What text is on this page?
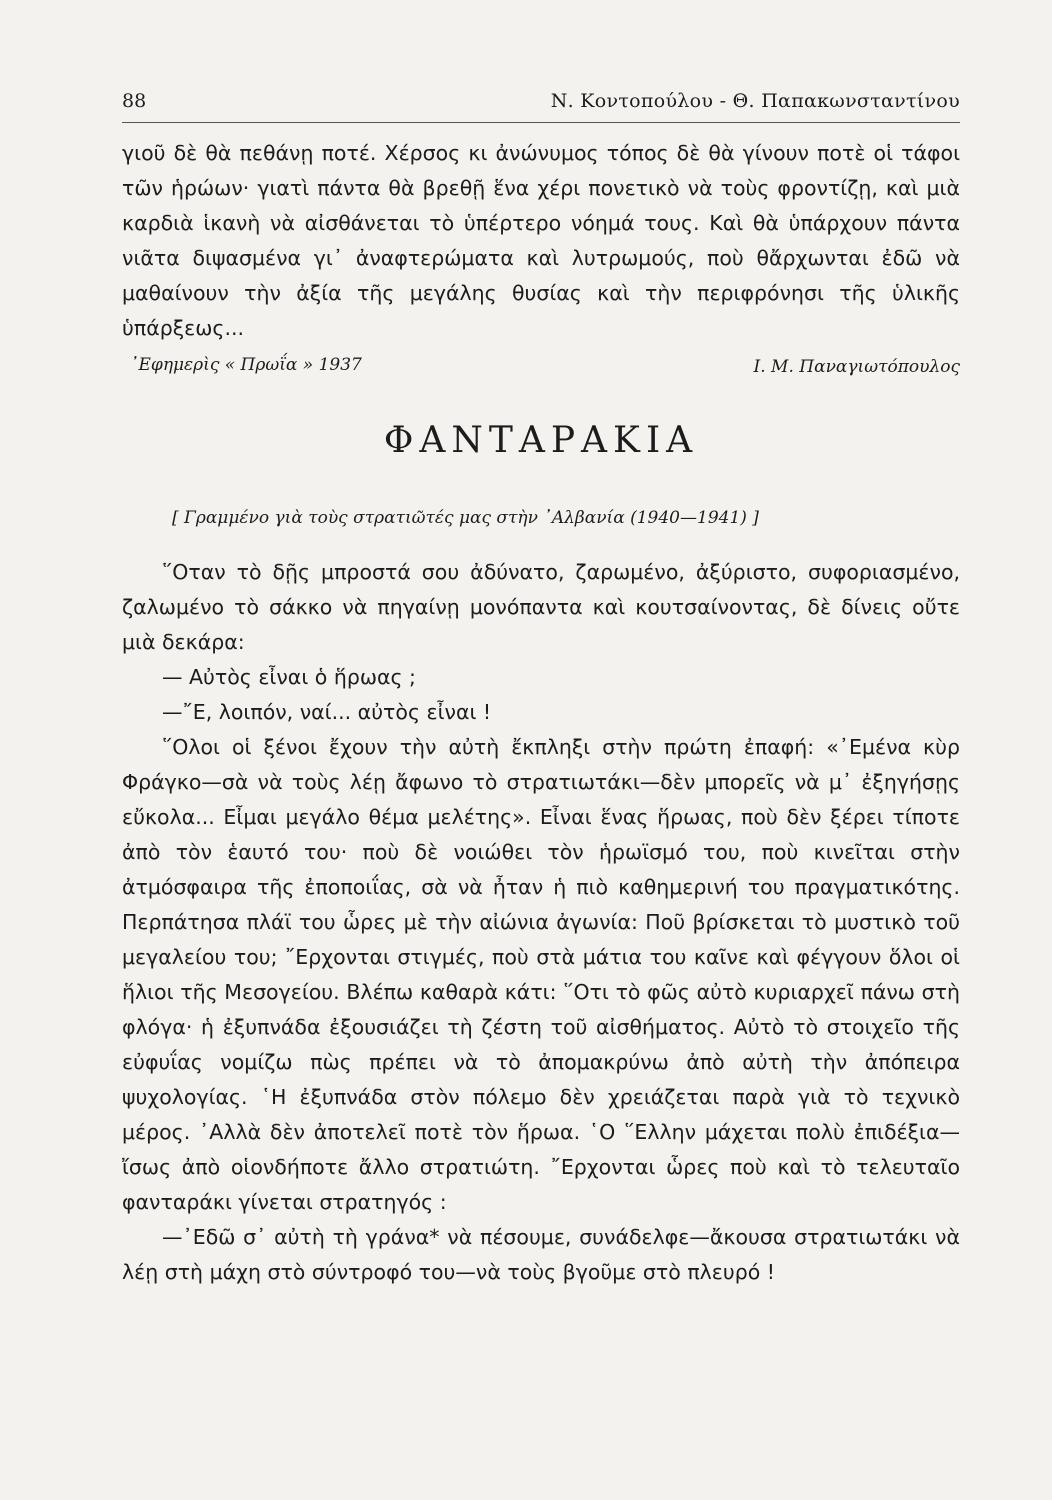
88	Ν. Κοντοπούλου - Θ. Παπακωνσταντίνου

γιοῦ δὲ θὰ πεθάνῃ ποτέ. Χέρσος κι ἀνώνυμος τόπος δὲ θὰ γίνουν ποτὲ οἱ τάφοι τῶν ἡρώων· γιατὶ πάντα θὰ βρεθῇ ἕνα χέρι πονετικὸ νὰ τοὺς φροντίζῃ, καὶ μιὰ καρδιὰ ἱκανὴ νὰ αἰσθάνεται τὸ ὑπέρτερο νόημά τους. Καὶ θὰ ὑπάρχουν πάντα νιᾶτα διψασμένα γι᾿ ἀναφτερώματα καὶ λυτρωμούς, ποὺ θἄρχωνται ἐδῶ νὰ μαθαίνουν τὴν ἀξία τῆς μεγάλης θυσίας καὶ τὴν περιφρόνησι τῆς ὑλικῆς ὑπάρξεως...

᾿Εφημερὶς « Πρωΐα » 1937	Ι. Μ. Παναγιωτόπουλος
ΦΑΝΤΑΡΑΚΙΑ
[ Γραμμένο γιὰ τοὺς στρατιῶτές μας στὴν ᾿Αλβανία (1940—1941) ]

῞Οταν τὸ δῇς μπροστά σου ἀδύνατο, ζαρωμένο, ἀξύριστο, συφοριασμένο, ζαλωμένο τὸ σάκκο νὰ πηγαίνῃ μονόπαντα καὶ κουτσαίνοντας, δὲ δίνεις οὔτε μιὰ δεκάρα:

— Αὐτὸς εἶναι ὁ ἥρωας ;

—῎Ε, λοιπόν, ναί... αὐτὸς εἶναι !

῞Ολοι οἱ ξένοι ἔχουν τὴν αὐτὴ ἔκπληξι στὴν πρώτη ἐπαφή: «᾿Εμένα κὺρ Φράγκο—σὰ νὰ τοὺς λέῃ ἄφωνο τὸ στρατιωτάκι—δὲν μπορεῖς νὰ μ᾿ ἐξηγήσῃς εὔκολα... Εἶμαι μεγάλο θέμα μελέτης». Εἶναι ἕνας ἥρωας, ποὺ δὲν ξέρει τίποτε ἀπὸ τὸν ἑαυτό του· ποὺ δὲ νοιώθει τὸν ἡρωϊσμό του, ποὺ κινεῖται στὴν ἀτμόσφαιρα τῆς ἐποποιΐας, σὰ νὰ ἦταν ἡ πιὸ καθημερινή του πραγματικότης. Περπάτησα πλάϊ του ὧρες μὲ τὴν αἰώνια ἀγωνία: Ποῦ βρίσκεται τὸ μυστικὸ τοῦ μεγαλείου του; ῎Ερχονται στιγμές, ποὺ στὰ μάτια του καῖνε καὶ φέγγουν ὅλοι οἱ ἥλιοι τῆς Μεσογείου. Βλέπω καθαρὰ κάτι: ῞Οτι τὸ φῶς αὐτὸ κυριαρχεῖ πάνω στὴ φλόγα· ἡ ἐξυπνάδα ἐξουσιάζει τὴ ζέστη τοῦ αἰσθήματος. Αὐτὸ τὸ στοιχεῖο τῆς εὐφυΐας νομίζω πὼς πρέπει νὰ τὸ ἀπομακρύνω ἀπὸ αὐτὴ τὴν ἀπόπειρα ψυχολογίας. ῾Η ἐξυπνάδα στὸν πόλεμο δὲν χρειάζεται παρὰ γιὰ τὸ τεχνικὸ μέρος. ᾿Αλλὰ δὲν ἀποτελεῖ ποτὲ τὸν ἥρωα. ῾Ο ῞Ελλην μάχεται πολὺ ἐπιδέξια—ἴσως ἀπὸ οἱονδήποτε ἄλλο στρατιώτη. ῎Ερχονται ὧρες ποὺ καὶ τὸ τελευταῖο φανταράκι γίνεται στρατηγός :

—᾿Εδῶ σ᾿ αὐτὴ τὴ γράνα* νὰ πέσουμε, συνάδελφε—ἄκουσα στρατιωτάκι νὰ λέῃ στὴ μάχη στὸ σύντροφό του—νὰ τοὺς βγοῦμε στὸ πλευρό !
